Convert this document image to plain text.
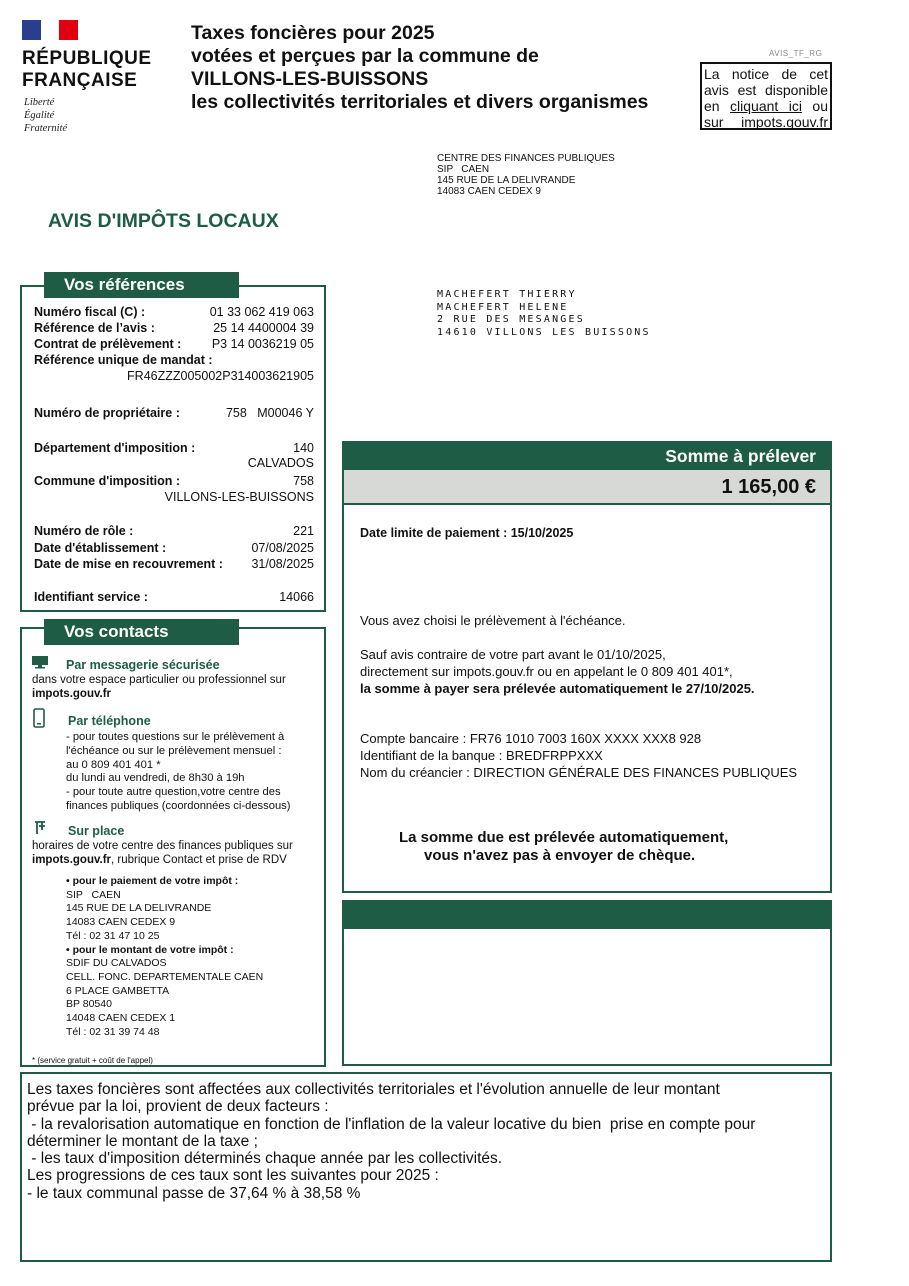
RÉPUBLIQUE
FRANÇAISE
Liberté
Égalité
Fraternité
Taxes foncières pour 2025
votées et perçues par la commune de
VILLONS-LES-BUISSONS
les collectivités territoriales et divers organismes
AVIS_TF_RG
La notice de cet avis est disponible en cliquant ici ou sur impots.gouv.fr
CENTRE DES FINANCES PUBLIQUES
SIP   CAEN
145 RUE DE LA DELIVRANDE
14083 CAEN CEDEX 9
AVIS D'IMPÔTS LOCAUX
MACHEFERT THIERRY
MACHEFERT HELENE
2 RUE DES MESANGES
14610 VILLONS LES BUISSONS
Numéro fiscal (C) :	01 33 062 419 063
Référence de l’avis :	25 14 4400004 39
Contrat de prélèvement : P3 14 0036219 05
Référence unique de mandat :
FR46ZZZ005002P314003621905
Numéro de propriétaire :	758   M00046 Y
Département d'imposition :	140
CALVADOS
Commune d'imposition :	758
VILLONS-LES-BUISSONS
Numéro de rôle :	221
Date d'établissement :	07/08/2025
Date de mise en recouvrement : 31/08/2025
Identifiant service :	14066
Vos références
Par messagerie sécurisée
dans votre espace particulier ou professionnel sur
impots.gouv.fr
Par téléphone
- pour toutes questions sur le prélèvement à
l'échéance ou sur le prélèvement mensuel :
au 0 809 401 401 *
du lundi au vendredi, de 8h30 à 19h
- pour toute autre question,votre centre des
finances publiques (coordonnées ci-dessous)
Sur place
horaires de votre centre des finances publiques sur
impots.gouv.fr, rubrique Contact et prise de RDV
• pour le paiement de votre impôt :
SIP   CAEN
145 RUE DE LA DELIVRANDE
14083 CAEN CEDEX 9
Tél : 02 31 47 10 25
• pour le montant de votre impôt :
SDIF DU CALVADOS
CELL. FONC. DEPARTEMENTALE CAEN
6 PLACE GAMBETTA
BP 80540
14048 CAEN CEDEX 1
Tél : 02 31 39 74 48
* (service gratuit + coût de l'appel)
Vos contacts
Somme à prélever
1 165,00 €
Date limite de paiement : 15/10/2025
Vous avez choisi le prélèvement à l'échéance.
Sauf avis contraire de votre part avant le 01/10/2025,
directement sur impots.gouv.fr ou en appelant le 0 809 401 401*,
la somme à payer sera prélevée automatiquement le 27/10/2025.
Compte bancaire : FR76 1010 7003 160X XXXX XXX8 928
Identifiant de la banque : BREDFRPPXXX
Nom du créancier : DIRECTION GÉNÉRALE DES FINANCES PUBLIQUES
La somme due est prélevée automatiquement,
vous n'avez pas à envoyer de chèque.
Les taxes foncières sont affectées aux collectivités territoriales et l'évolution annuelle de leur montant
prévue par la loi, provient de deux facteurs :
- la revalorisation automatique en fonction de l'inflation de la valeur locative du bien  prise en compte pour
déterminer le montant de la taxe ;
- les taux d'imposition déterminés chaque année par les collectivités.
Les progressions de ces taux sont les suivantes pour 2025 :
- le taux communal passe de 37,64 % à 38,58 %
